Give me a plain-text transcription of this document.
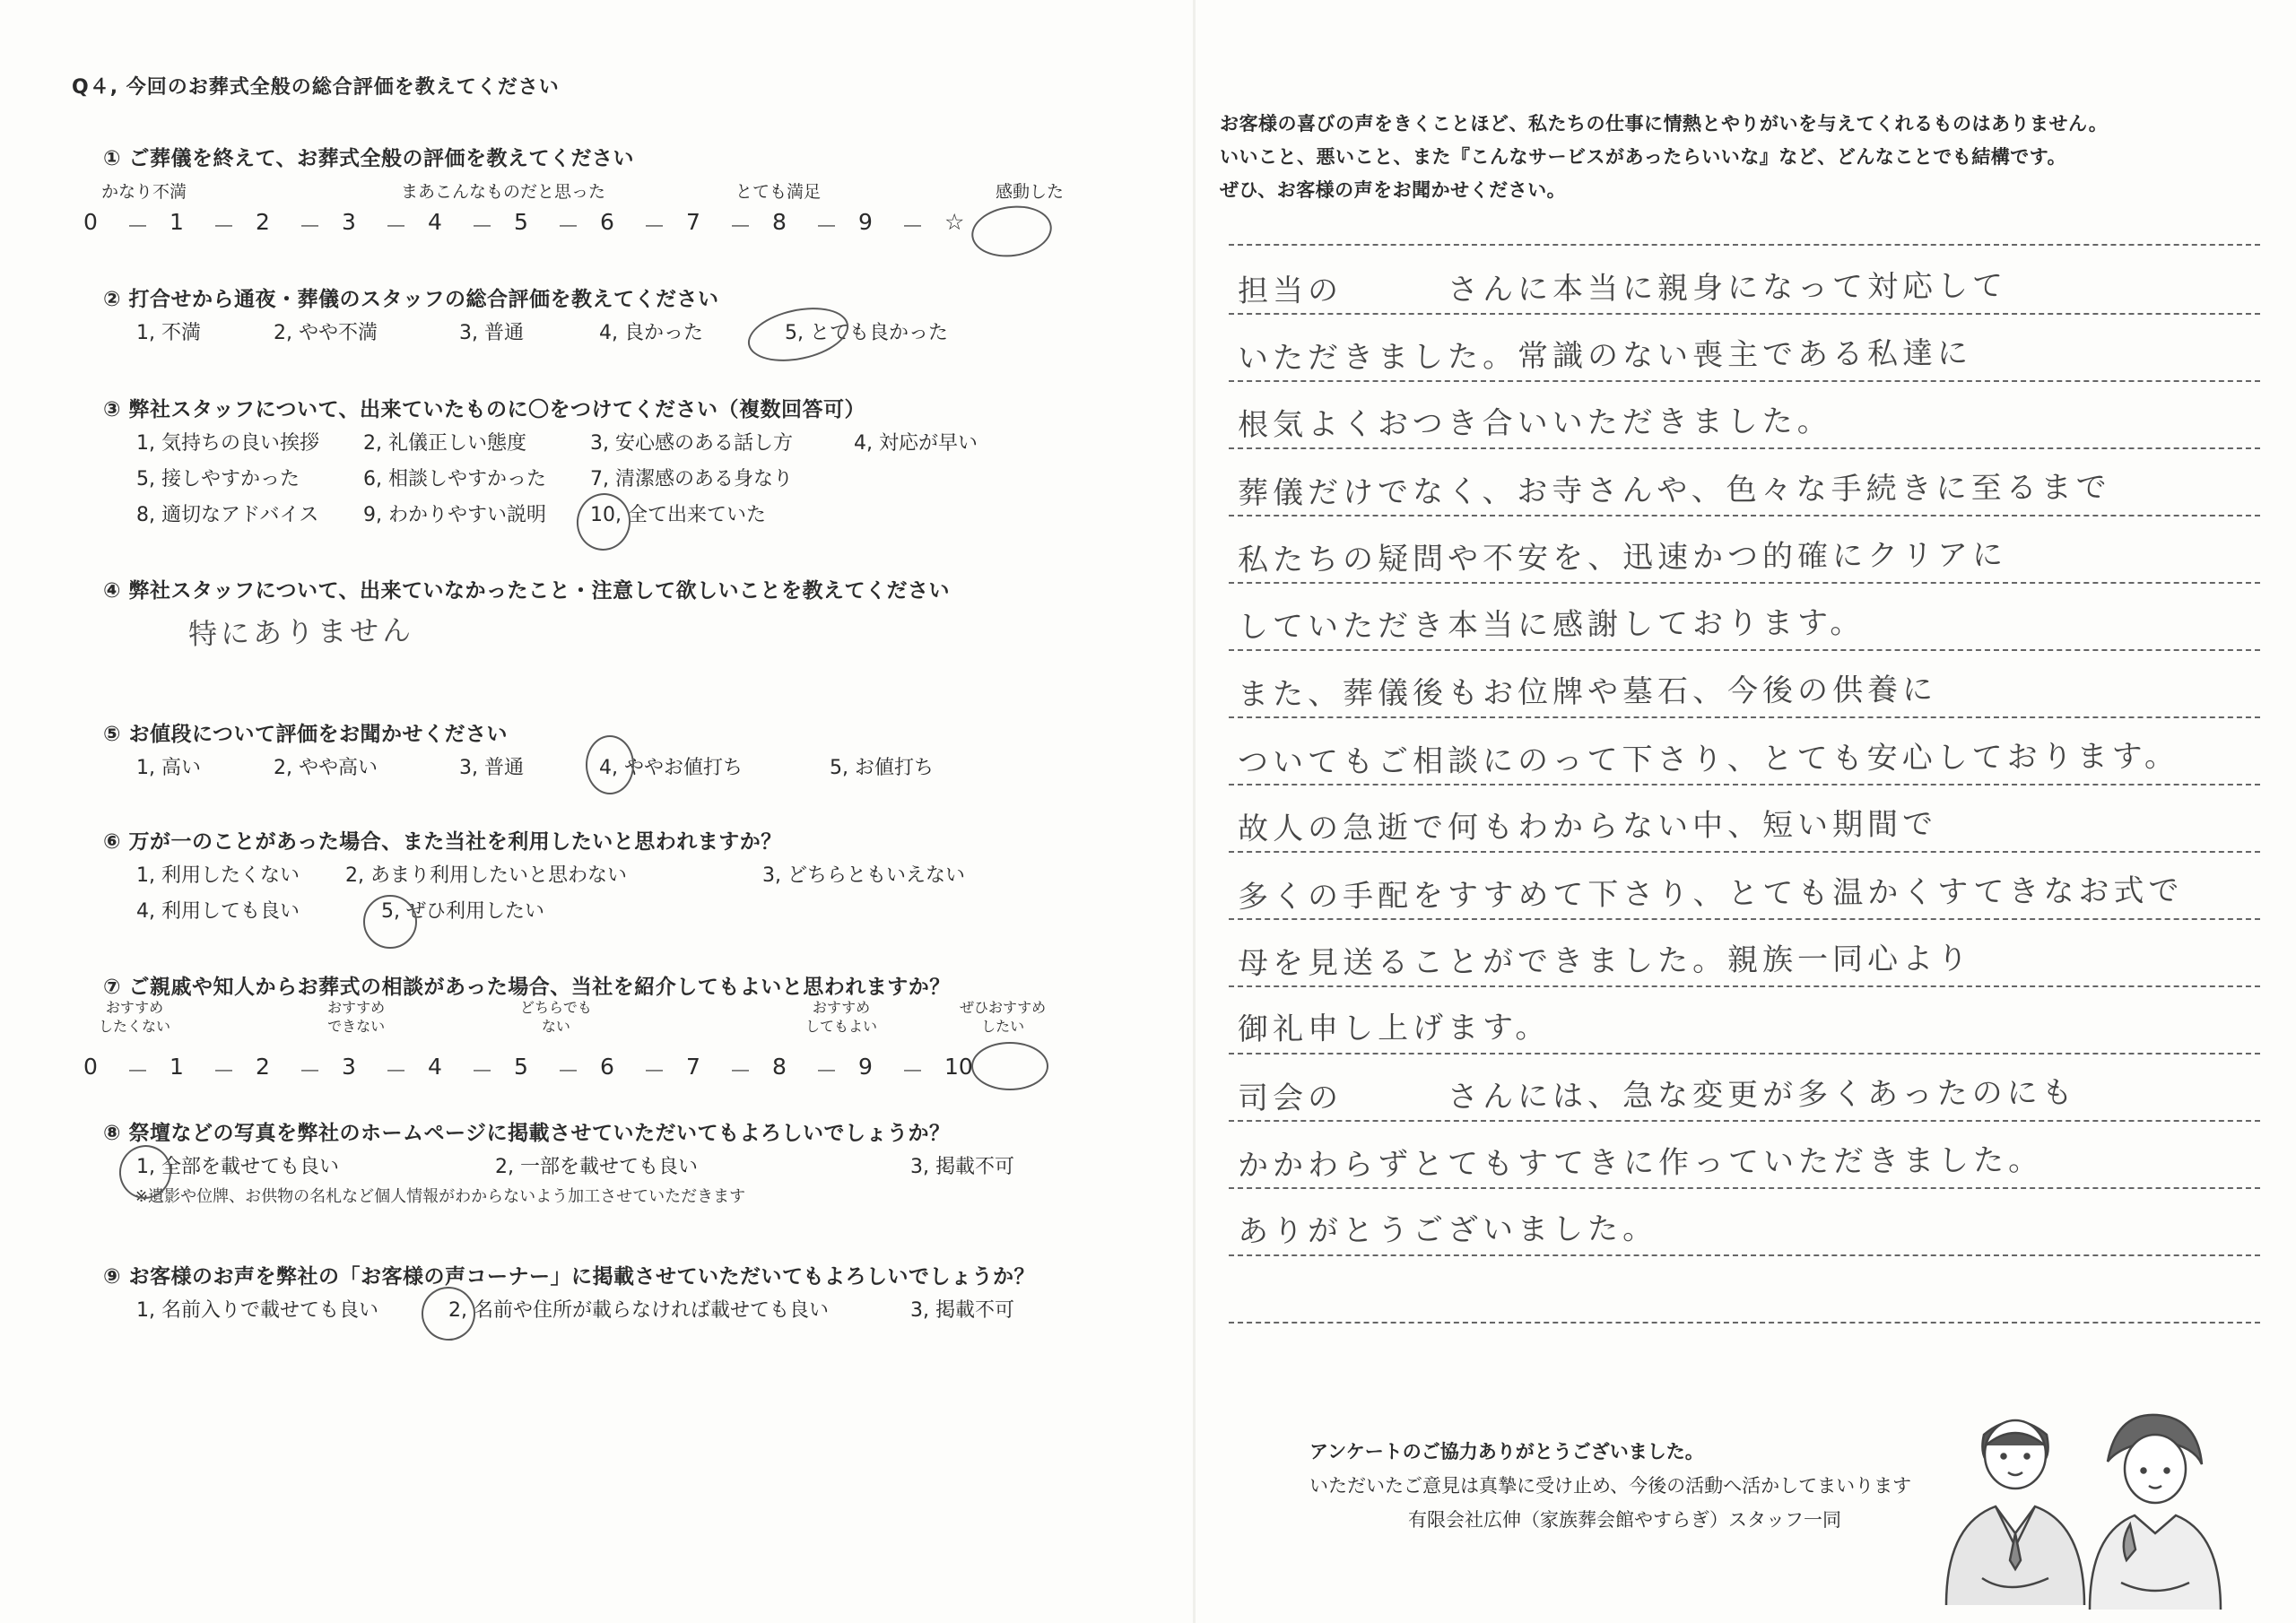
Q４, 今回のお葬式全般の総合評価を教えてください
① ご葬儀を終えて、お葬式全般の評価を教えてください
かなり不満	まあこんなものだと思った	とても満足	感動した
0 － 1 － 2 － 3 － 4 － 5 － 6 － 7 － 8 － 9 － ☆
② 打合せから通夜・葬儀のスタッフの総合評価を教えてください
1, 不満	2, やや不満	3, 普通	4, 良かった	5, とても良かった
③ 弊社スタッフについて、出来ていたものに〇をつけてください（複数回答可）
1, 気持ちの良い挨拶 2, 礼儀正しい態度	3, 安心感のある話し方	4, 対応が早い
5, 接しやすかった	6, 相談しやすかった 7, 清潔感のある身なり
8, 適切なアドバイス 9, わかりやすい説明 10, 全て出来ていた
④ 弊社スタッフについて、出来ていなかったこと・注意して欲しいことを教えてください
特にありません
⑤ お値段について評価をお聞かせください
1, 高い	2, やや高い	3, 普通	4, ややお値打ち	5, お値打ち
⑥ 万が一のことがあった場合、また当社を利用したいと思われますか？
1, 利用したくない 2, あまり利用したいと思わない	3, どちらともいえない
4, 利用しても良い	5, ぜひ利用したい
⑦ ご親戚や知人からお葬式の相談があった場合、当社を紹介してもよいと思われますか？
おすすめ
したくない
おすすめ
できない
どちらでも
ない
おすすめ
してもよい
ぜひおすすめ
したい
0 － 1 － 2 － 3 － 4 － 5 － 6 － 7 － 8 － 9 － 10
⑧ 祭壇などの写真を弊社のホームページに掲載させていただいてもよろしいでしょうか？
1, 全部を載せても良い	2, 一部を載せても良い	3, 掲載不可
※遺影や位牌、お供物の名札など個人情報がわからないよう加工させていただきます
⑨ お客様のお声を弊社の「お客様の声コーナー」に掲載させていただいてもよろしいでしょうか？
1, 名前入りで載せても良い	2, 名前や住所が載らなければ載せても良い	3, 掲載不可
お客様の喜びの声をきくことほど、私たちの仕事に情熱とやりがいを与えてくれるものはありません。
いいこと、悪いこと、また『こんなサービスがあったらいいな』など、どんなことでも結構です。
ぜひ、お客様の声をお聞かせください。
担当の　　　さんに本当に親身になって対応して
いただきました。常識のない喪主である私達に
根気よくおつき合いいただきました。
葬儀だけでなく、お寺さんや、色々な手続きに至るまで
私たちの疑問や不安を、迅速かつ的確にクリアに
していただき本当に感謝しております。
また、葬儀後もお位牌や墓石、今後の供養に
ついてもご相談にのって下さり、とても安心しております。
故人の急逝で何もわからない中、短い期間で
多くの手配をすすめて下さり、とても温かくすてきなお式で
母を見送ることができました。親族一同心より
御礼申し上げます。
司会の　　　さんには、急な変更が多くあったのにも
かかわらずとてもすてきに作っていただきました。
ありがとうございました。
アンケートのご協力ありがとうございました。
いただいたご意見は真摯に受け止め、今後の活動へ活かしてまいります
有限会社広伸（家族葬会館やすらぎ）スタッフ一同
